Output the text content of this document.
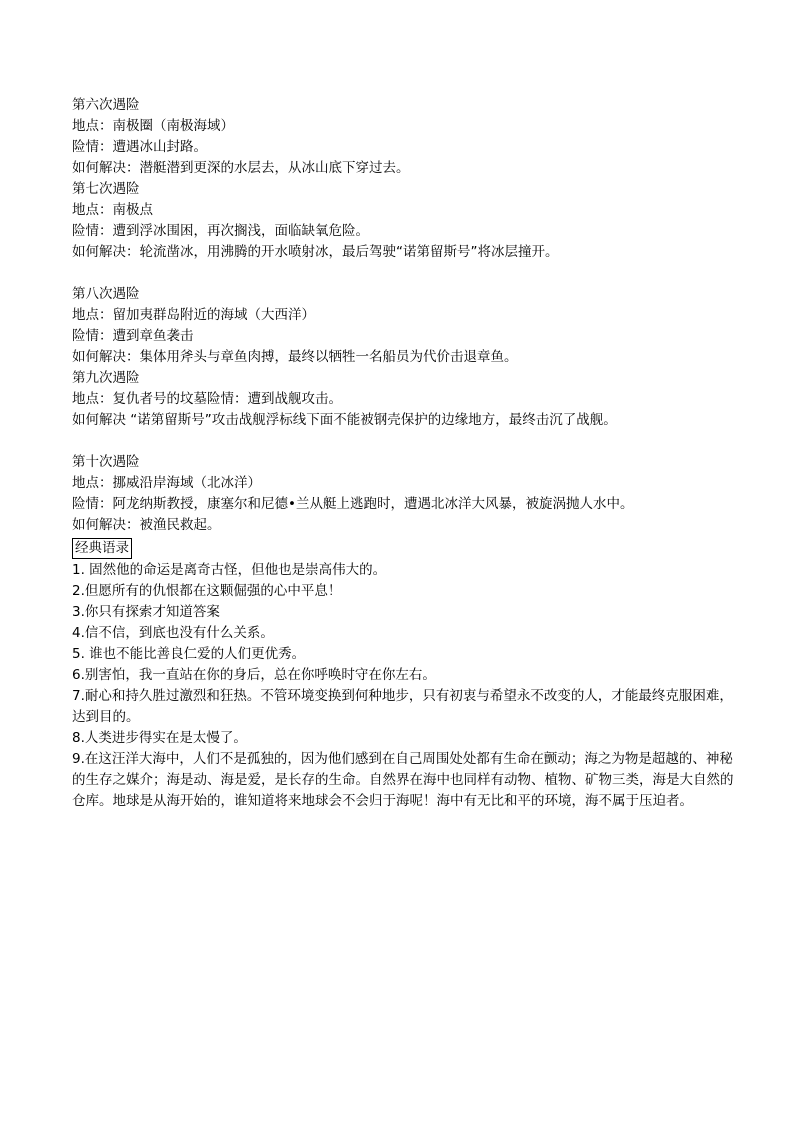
第六次遇险

地点：南极圈（南极海域）

险情：遭遇冰山封路。

如何解决：潜艇潜到更深的水层去，从冰山底下穿过去。

第七次遇险

地点：南极点

险情：遭到浮冰围困，再次搁浅，面临缺氧危险。

如何解决：轮流凿冰，用沸腾的开水喷射冰，最后驾驶“诺第留斯号”将冰层撞开。

第八次遇险

地点：留加夷群岛附近的海域（大西洋）

险情：遭到章鱼袭击

如何解决：集体用斧头与章鱼肉搏，最终以牺牲一名船员为代价击退章鱼。

第九次遇险

地点：复仇者号的坟墓险情：遭到战舰攻击。

如何解决 “诺第留斯号”攻击战舰浮标线下面不能被钢壳保护的边缘地方，最终击沉了战舰。

第十次遇险

地点：挪威沿岸海域（北冰洋）

险情：阿龙纳斯教授，康塞尔和尼德•兰从艇上逃跑时，遭遇北冰洋大风暴，被旋涡抛人水中。

如何解决：被渔民救起。

经典语录

1. 固然他的命运是离奇古怪，但他也是崇高伟大的。

2.但愿所有的仇恨都在这颗倔强的心中平息！

3.你只有探索才知道答案

4.信不信，到底也没有什么关系。

5. 谁也不能比善良仁爱的人们更优秀。

6.别害怕，我一直站在你的身后，总在你呼唤时守在你左右。

7.耐心和持久胜过激烈和狂热。不管环境变换到何种地步，只有初衷与希望永不改变的人，才能最终克服困难，达到目的。

8.人类进步得实在是太慢了。

9.在这汪洋大海中，人们不是孤独的，因为他们感到在自己周围处处都有生命在颤动；海之为物是超越的、神秘的生存之媒介；海是动、海是爱，是长存的生命。自然界在海中也同样有动物、植物、矿物三类，海是大自然的仓库。地球是从海开始的，谁知道将来地球会不会归于海呢！海中有无比和平的环境，海不属于压迫者。
